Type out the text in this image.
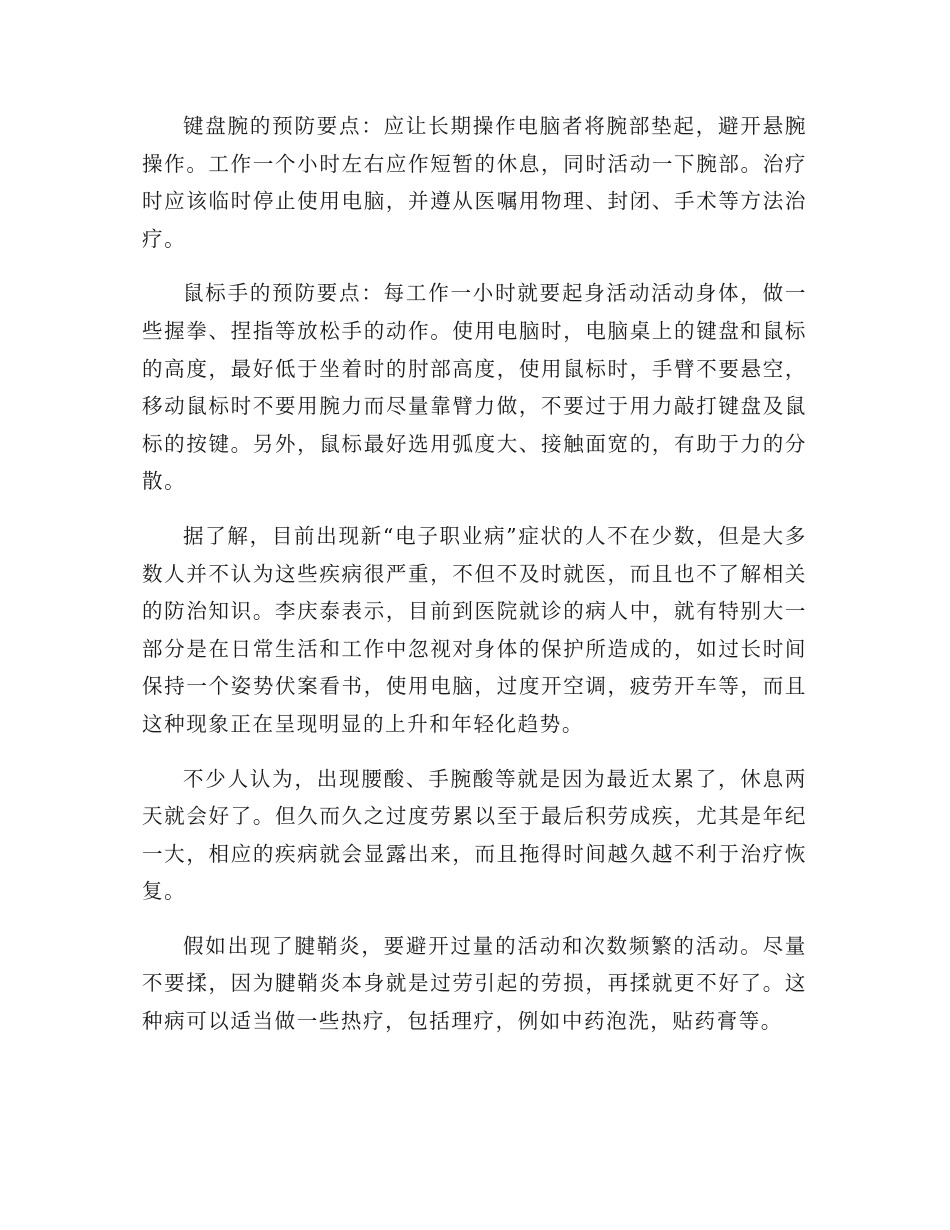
键盘腕的预防要点：应让长期操作电脑者将腕部垫起，避开悬腕操作。工作一个小时左右应作短暂的休息，同时活动一下腕部。治疗时应该临时停止使用电脑，并遵从医嘱用物理、封闭、手术等方法治疗。

鼠标手的预防要点：每工作一小时就要起身活动活动身体，做一些握拳、捏指等放松手的动作。使用电脑时，电脑桌上的键盘和鼠标的高度，最好低于坐着时的肘部高度，使用鼠标时，手臂不要悬空，移动鼠标时不要用腕力而尽量靠臂力做，不要过于用力敲打键盘及鼠标的按键。另外，鼠标最好选用弧度大、接触面宽的，有助于力的分散。

据了解，目前出现新“电子职业病”症状的人不在少数，但是大多数人并不认为这些疾病很严重，不但不及时就医，而且也不了解相关的防治知识。李庆泰表示，目前到医院就诊的病人中，就有特别大一部分是在日常生活和工作中忽视对身体的保护所造成的，如过长时间保持一个姿势伏案看书，使用电脑，过度开空调，疲劳开车等，而且这种现象正在呈现明显的上升和年轻化趋势。

不少人认为，出现腰酸、手腕酸等就是因为最近太累了，休息两天就会好了。但久而久之过度劳累以至于最后积劳成疾，尤其是年纪一大，相应的疾病就会显露出来，而且拖得时间越久越不利于治疗恢复。

假如出现了腱鞘炎，要避开过量的活动和次数频繁的活动。尽量不要揉，因为腱鞘炎本身就是过劳引起的劳损，再揉就更不好了。这种病可以适当做一些热疗，包括理疗，例如中药泡洗，贴药膏等。
